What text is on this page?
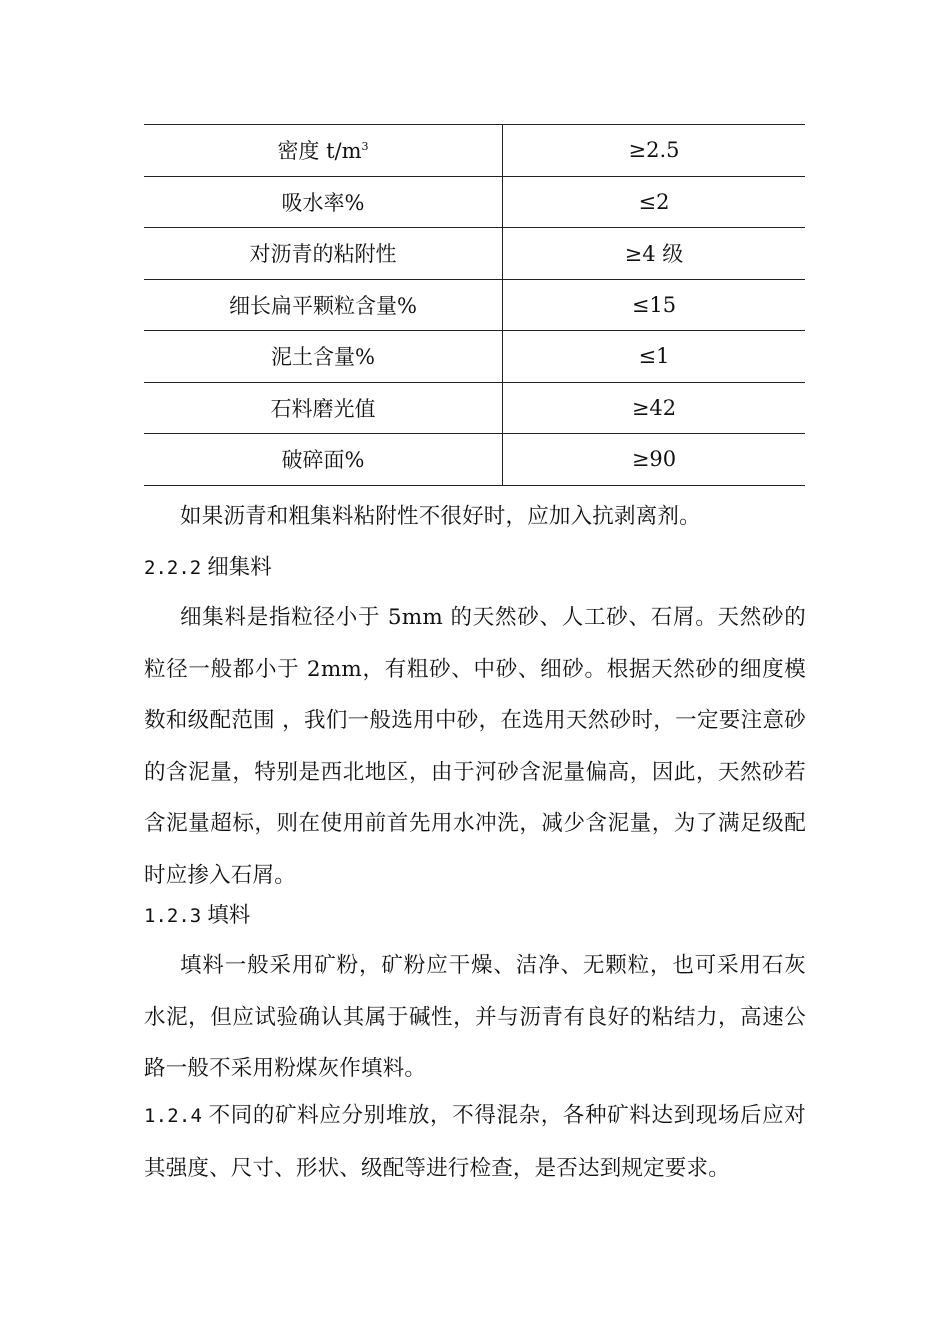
密度 $t/m^3$	≥2.5
吸水率%	≤2
对沥青的粘附性	≥4 级
细长扁平颗粒含量%	≤15
泥土含量%	≤1
石料磨光值	≥42
破碎面%	≥90

如果沥青和粗集料粘附性不很好时，应加入抗剥离剂。

2.2.2 细集料

细集料是指粒径小于 5mm 的天然砂、人工砂、石屑。天然砂的粒径一般都小于 2mm，有粗砂、中砂、细砂。根据天然砂的细度模数和级配范围 ，我们一般选用中砂，在选用天然砂时，一定要注意砂的含泥量，特别是西北地区，由于河砂含泥量偏高，因此，天然砂若含泥量超标，则在使用前首先用水冲洗，减少含泥量，为了满足级配时应掺入石屑。

1.2.3 填料

填料一般采用矿粉，矿粉应干燥、洁净、无颗粒，也可采用石灰水泥，但应试验确认其属于碱性，并与沥青有良好的粘结力，高速公路一般不采用粉煤灰作填料。

1.2.4 不同的矿料应分别堆放，不得混杂，各种矿料达到现场后应对其强度、尺寸、形状、级配等进行检查，是否达到规定要求。
